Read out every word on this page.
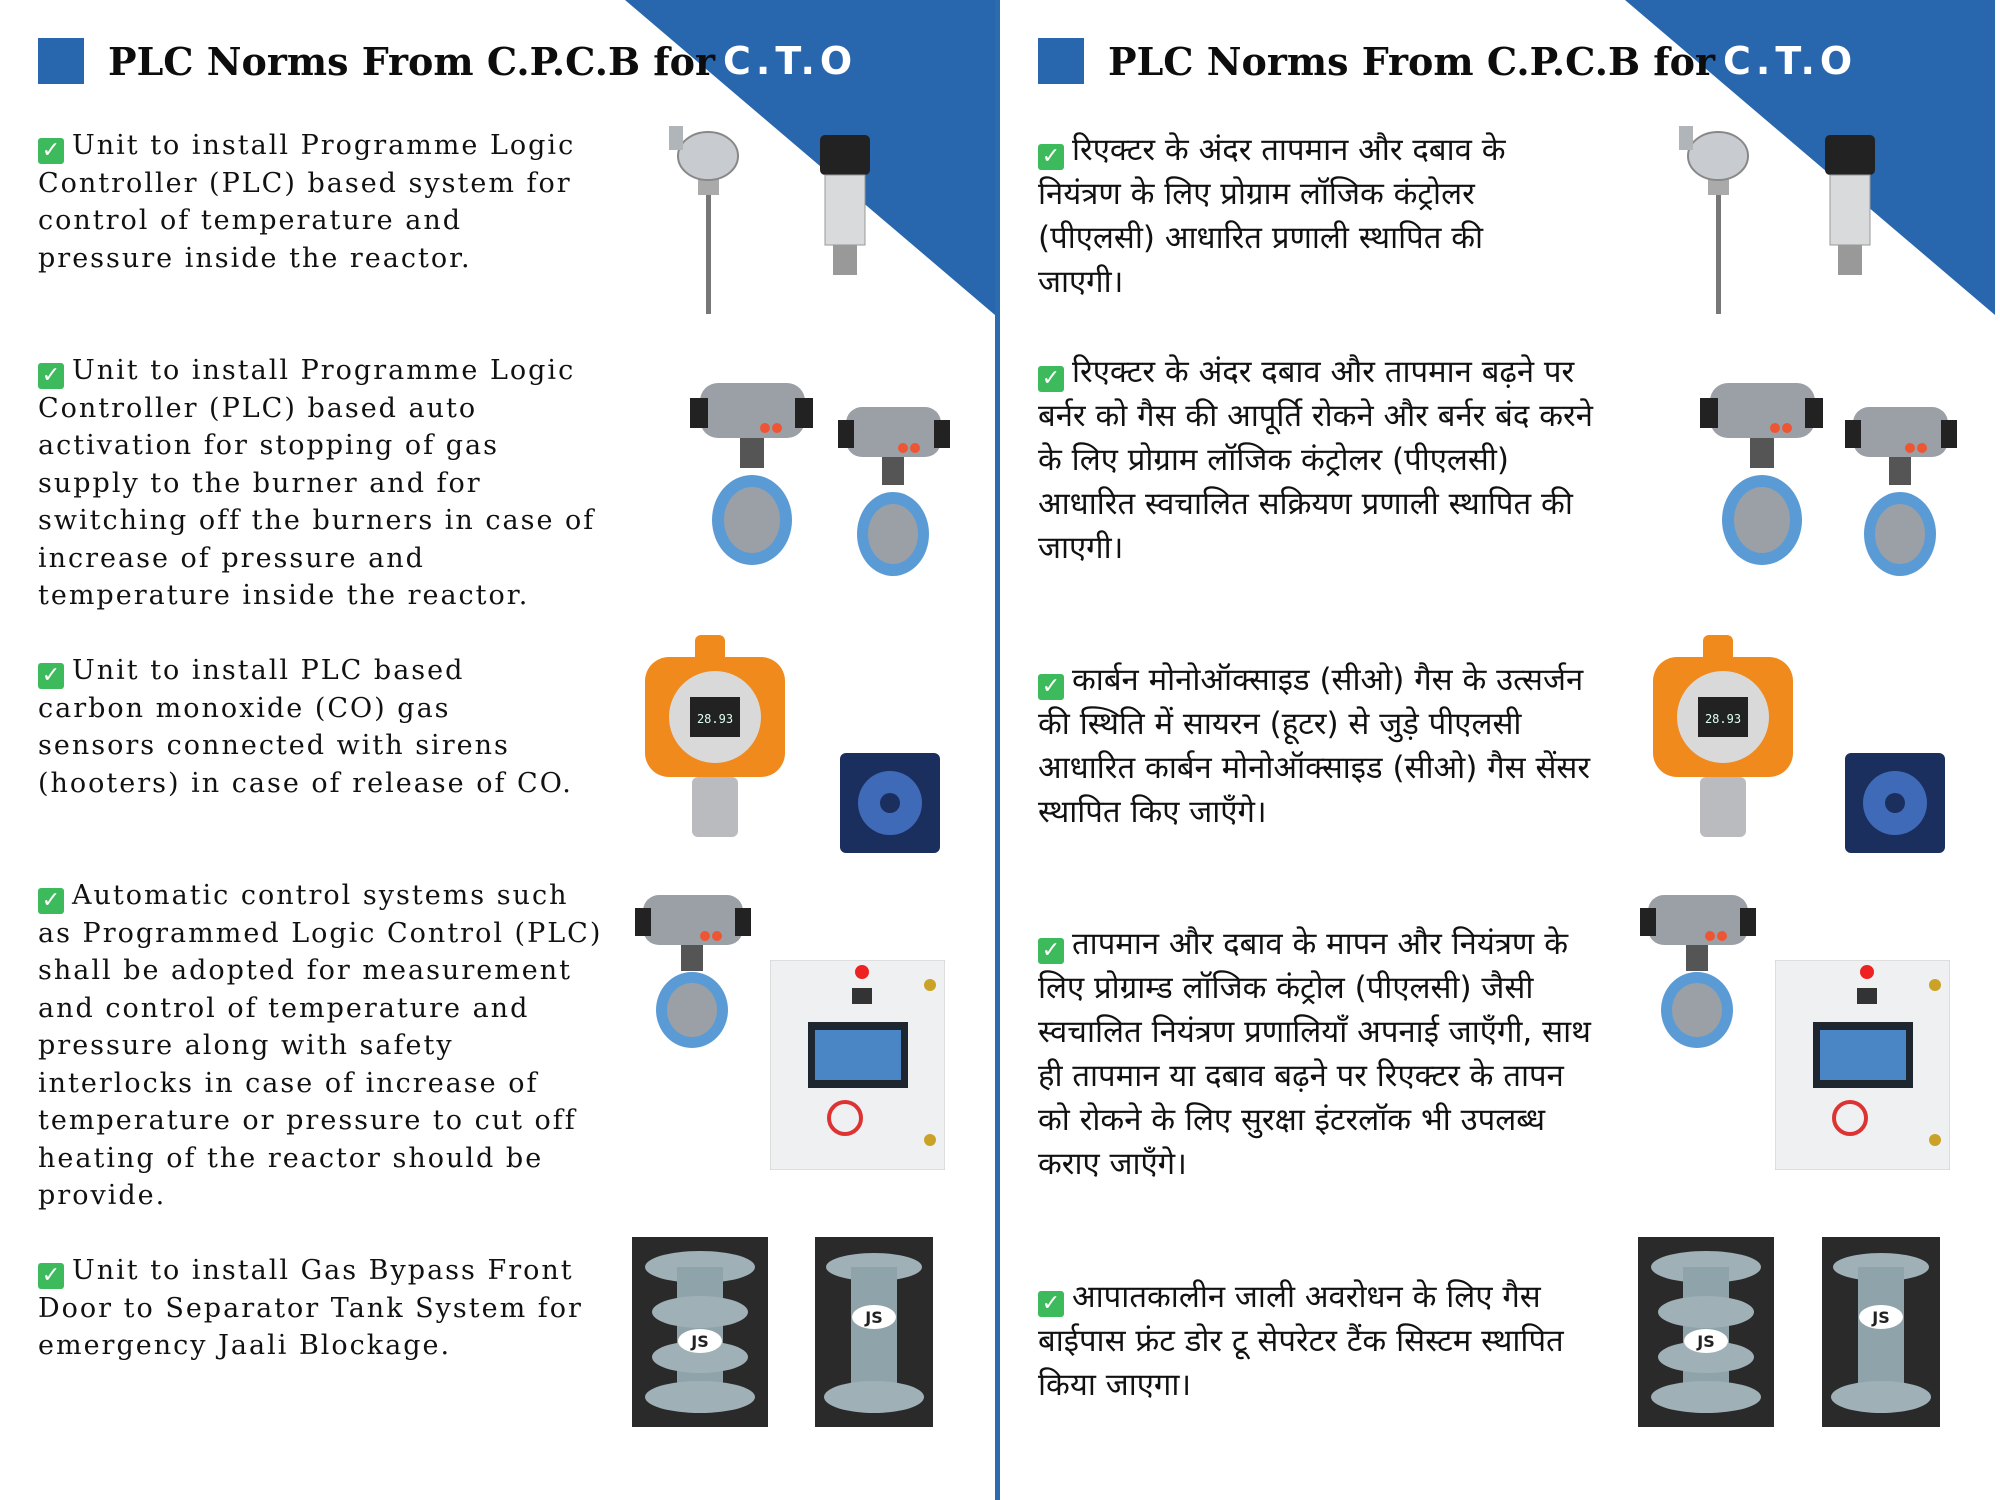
PLC Norms From C.P.C.B for C.T.O
✓ Unit to install Programme Logic Controller (PLC) based system for control of temperature and pressure inside the reactor.
✓ Unit to install Programme Logic Controller (PLC) based auto activation for stopping of gas supply to the burner and for switching off the burners in case of increase of pressure and temperature inside the reactor.
✓ Unit to install PLC based carbon monoxide (CO) gas sensors connected with sirens (hooters) in case of release of CO.
✓ Automatic control systems such as Programmed Logic Control (PLC) shall be adopted for measurement and control of temperature and pressure along with safety interlocks in case of increase of temperature or pressure to cut off heating of the reactor should be provide.
✓ Unit to install Gas Bypass Front Door to Separator Tank System for emergency Jaali Blockage.
28.93
JS
JS
PLC Norms From C.P.C.B for C.T.O
✓ रिएक्टर के अंदर तापमान और दबाव के नियंत्रण के लिए प्रोग्राम लॉजिक कंट्रोलर (पीएलसी) आधारित प्रणाली स्थापित की जाएगी।
✓ रिएक्टर के अंदर दबाव और तापमान बढ़ने पर बर्नर को गैस की आपूर्ति रोकने और बर्नर बंद करने के लिए प्रोग्राम लॉजिक कंट्रोलर (पीएलसी) आधारित स्वचालित सक्रियण प्रणाली स्थापित की जाएगी।
✓ कार्बन मोनोऑक्साइड (सीओ) गैस के उत्सर्जन की स्थिति में सायरन (हूटर) से जुड़े पीएलसी आधारित कार्बन मोनोऑक्साइड (सीओ) गैस सेंसर स्थापित किए जाएँगे।
✓ तापमान और दबाव के मापन और नियंत्रण के लिए प्रोग्राम्ड लॉजिक कंट्रोल (पीएलसी) जैसी स्वचालित नियंत्रण प्रणालियाँ अपनाई जाएँगी, साथ ही तापमान या दबाव बढ़ने पर रिएक्टर के तापन को रोकने के लिए सुरक्षा इंटरलॉक भी उपलब्ध कराए जाएँगे।
✓ आपातकालीन जाली अवरोधन के लिए गैस बाईपास फ्रंट डोर टू सेपरेटर टैंक सिस्टम स्थापित किया जाएगा।
28.93
JS
JS
